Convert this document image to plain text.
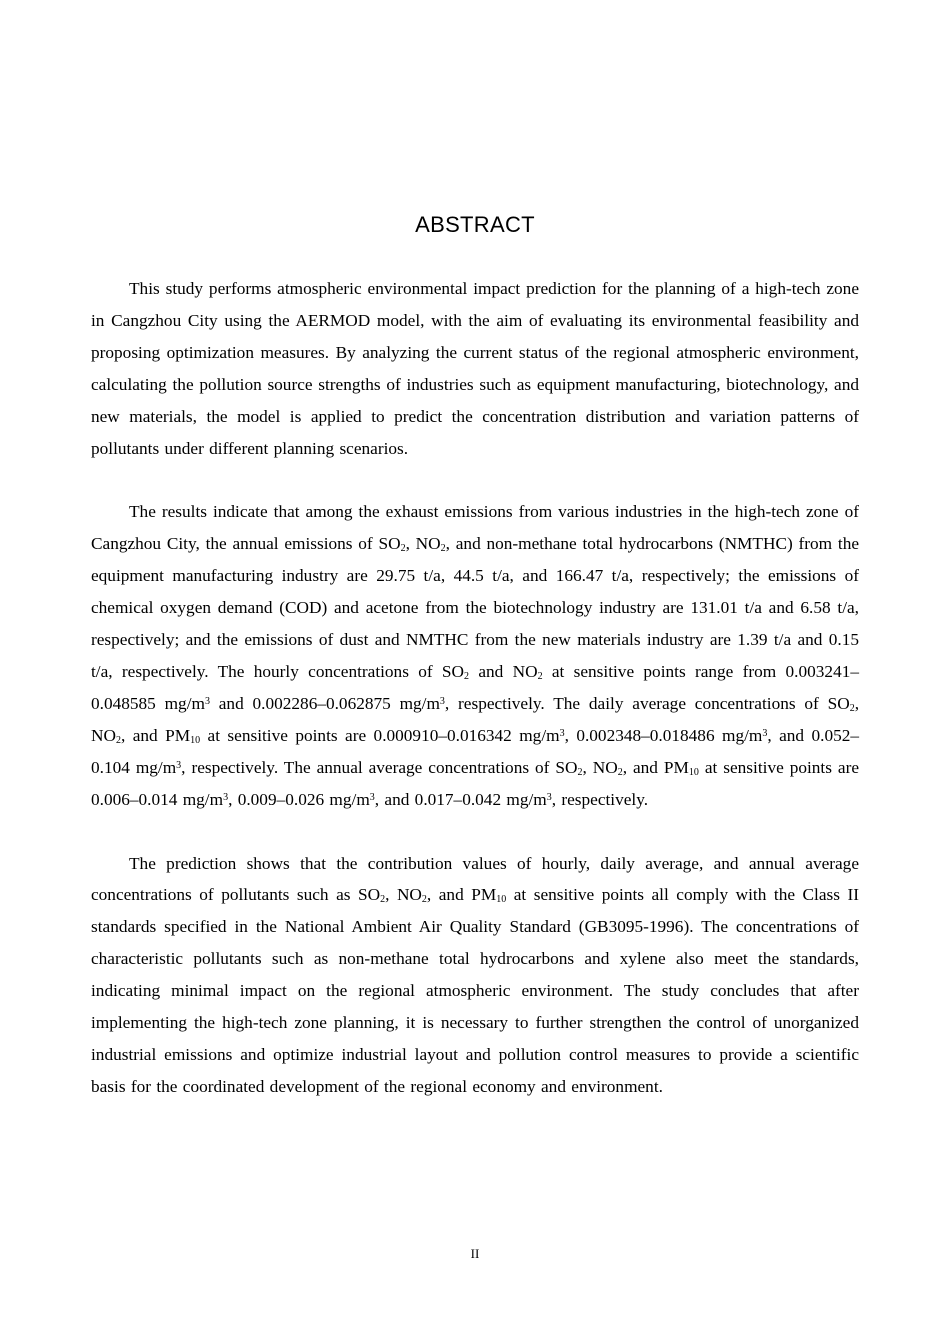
ABSTRACT

This study performs atmospheric environmental impact prediction for the planning of a high-tech zone in Cangzhou City using the AERMOD model, with the aim of evaluating its environmental feasibility and proposing optimization measures. By analyzing the current status of the regional atmospheric environment, calculating the pollution source strengths of industries such as equipment manufacturing, biotechnology, and new materials, the model is applied to predict the concentration distribution and variation patterns of pollutants under different planning scenarios.

The results indicate that among the exhaust emissions from various industries in the high-tech zone of Cangzhou City, the annual emissions of $SO_2$, $NO_2$, and non-methane total hydrocarbons (NMTHC) from the equipment manufacturing industry are 29.75 t/a, 44.5 t/a, and 166.47 t/a, respectively; the emissions of chemical oxygen demand (COD) and acetone from the biotechnology industry are 131.01 t/a and 6.58 t/a, respectively; and the emissions of dust and NMTHC from the new materials industry are 1.39 t/a and 0.15 t/a, respectively. The hourly concentrations of $SO_2$ and $NO_2$ at sensitive points range from 0.003241–0.048585 $mg/m^3$ and 0.002286–0.062875 $mg/m^3$, respectively. The daily average concentrations of $SO_2$, $NO_2$, and $PM_{10}$ at sensitive points are 0.000910–0.016342 $mg/m^3$, 0.002348–0.018486 $mg/m^3$, and 0.052–0.104 $mg/m^3$, respectively. The annual average concentrations of $SO_2$, $NO_2$, and $PM_{10}$ at sensitive points are 0.006–0.014 $mg/m^3$, 0.009–0.026 $mg/m^3$, and 0.017–0.042 $mg/m^3$, respectively.

The prediction shows that the contribution values of hourly, daily average, and annual average concentrations of pollutants such as $SO_2$, $NO_2$, and $PM_{10}$ at sensitive points all comply with the Class II standards specified in the National Ambient Air Quality Standard (GB3095-1996). The concentrations of characteristic pollutants such as non-methane total hydrocarbons and xylene also meet the standards, indicating minimal impact on the regional atmospheric environment. The study concludes that after implementing the high-tech zone planning, it is necessary to further strengthen the control of unorganized industrial emissions and optimize industrial layout and pollution control measures to provide a scientific basis for the coordinated development of the regional economy and environment.

II
